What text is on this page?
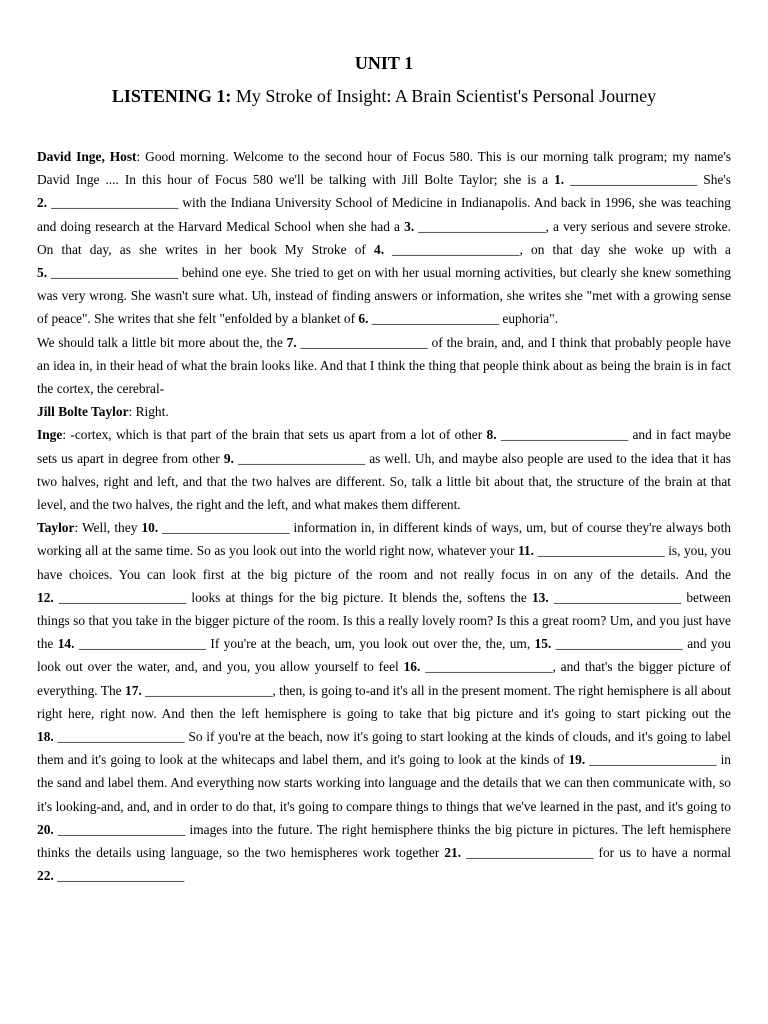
UNIT 1
LISTENING 1: My Stroke of Insight: A Brain Scientist's Personal Journey

David Inge, Host: Good morning. Welcome to the second hour of Focus 580. This is our morning talk program; my name's David Inge .... In this hour of Focus 580 we'll be talking with Jill Bolte Taylor; she is a 1. ___________________ She's 2. ___________________ with the Indiana University School of Medicine in Indianapolis. And back in 1996, she was teaching and doing research at the Harvard Medical School when she had a 3. ___________________, a very serious and severe stroke. On that day, as she writes in her book My Stroke of 4. ___________________, on that day she woke up with a 5. ___________________ behind one eye. She tried to get on with her usual morning activities, but clearly she knew something was very wrong. She wasn't sure what. Uh, instead of finding answers or information, she writes she "met with a growing sense of peace". She writes that she felt "enfolded by a blanket of 6. ___________________ euphoria".

We should talk a little bit more about the, the 7. ___________________ of the brain, and, and I think that probably people have an idea in, in their head of what the brain looks like. And that I think the thing that people think about as being the brain is in fact the cortex, the cerebral-

Jill Bolte Taylor: Right.

Inge: -cortex, which is that part of the brain that sets us apart from a lot of other 8. ___________________ and in fact maybe sets us apart in degree from other 9. ___________________ as well. Uh, and maybe also people are used to the idea that it has two halves, right and left, and that the two halves are different. So, talk a little bit about that, the structure of the brain at that level, and the two halves, the right and the left, and what makes them different.

Taylor: Well, they 10. ___________________ information in, in different kinds of ways, um, but of course they're always both working all at the same time. So as you look out into the world right now, whatever your 11. ___________________ is, you, you have choices. You can look first at the big picture of the room and not really focus in on any of the details. And the 12. ___________________ looks at things for the big picture. It blends the, softens the 13. ___________________ between things so that you take in the bigger picture of the room. Is this a really lovely room? Is this a great room? Um, and you just have the 14. ___________________ If you're at the beach, um, you look out over the, the, um, 15. ___________________ and you look out over the water, and, and you, you allow yourself to feel 16. ___________________, and that's the bigger picture of everything. The 17. ___________________, then, is going to-and it's all in the present moment. The right hemisphere is all about right here, right now. And then the left hemisphere is going to take that big picture and it's going to start picking out the 18. ___________________ So if you're at the beach, now it's going to start looking at the kinds of clouds, and it's going to label them and it's going to look at the whitecaps and label them, and it's going to look at the kinds of 19. ___________________ in the sand and label them. And everything now starts working into language and the details that we can then communicate with, so it's looking-and, and, and in order to do that, it's going to compare things to things that we've learned in the past, and it's going to 20. ___________________ images into the future. The right hemisphere thinks the big picture in pictures. The left hemisphere thinks the details using language, so the two hemispheres work together 21. ___________________ for us to have a normal 22. ___________________
